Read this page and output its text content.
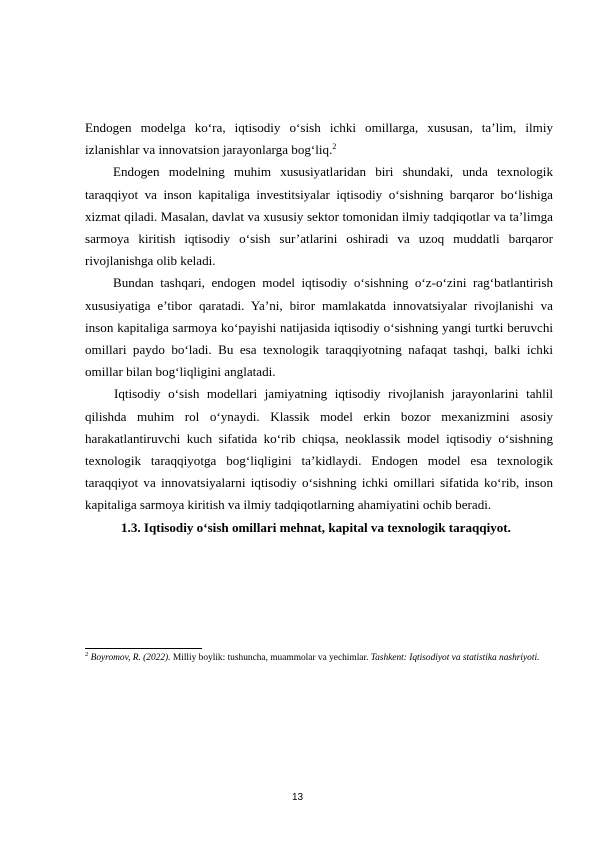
Endogen modelga ko‘ra, iqtisodiy o‘sish ichki omillarga, xususan, ta’lim, ilmiy izlanishlar va innovatsion jarayonlarga bog‘liq.$^2$

Endogen modelning muhim xususiyatlaridan biri shundaki, unda texnologik taraqqiyot va inson kapitaliga investitsiyalar iqtisodiy o‘sishning barqaror bo‘lishiga xizmat qiladi. Masalan, davlat va xususiy sektor tomonidan ilmiy tadqiqotlar va ta’limga sarmoya kiritish iqtisodiy o‘sish sur’atlarini oshiradi va uzoq muddatli barqaror rivojlanishga olib keladi.

Bundan tashqari, endogen model iqtisodiy o‘sishning o‘z-o‘zini rag‘batlantirish xususiyatiga e’tibor qaratadi. Ya’ni, biror mamlakatda innovatsiyalar rivojlanishi va inson kapitaliga sarmoya ko‘payishi natijasida iqtisodiy o‘sishning yangi turtki beruvchi omillari paydo bo‘ladi. Bu esa texnologik taraqqiyotning nafaqat tashqi, balki ichki omillar bilan bog‘liqligini anglatadi.

Iqtisodiy o‘sish modellari jamiyatning iqtisodiy rivojlanish jarayonlarini tahlil qilishda muhim rol o‘ynaydi. Klassik model erkin bozor mexanizmini asosiy harakatlantiruvchi kuch sifatida ko‘rib chiqsa, neoklassik model iqtisodiy o‘sishning texnologik taraqqiyotga bog‘liqligini ta’kidlaydi. Endogen model esa texnologik taraqqiyot va innovatsiyalarni iqtisodiy o‘sishning ichki omillari sifatida ko‘rib, inson kapitaliga sarmoya kiritish va ilmiy tadqiqotlarning ahamiyatini ochib beradi.

1.3. Iqtisodiy o‘sish omillari mehnat, kapital va texnologik taraqqiyot.

$^2$ Boyromov, R. (2022). Milliy boylik: tushuncha, muammolar va yechimlar. Tashkent: Iqtisodiyot va statistika nashriyoti.

13
